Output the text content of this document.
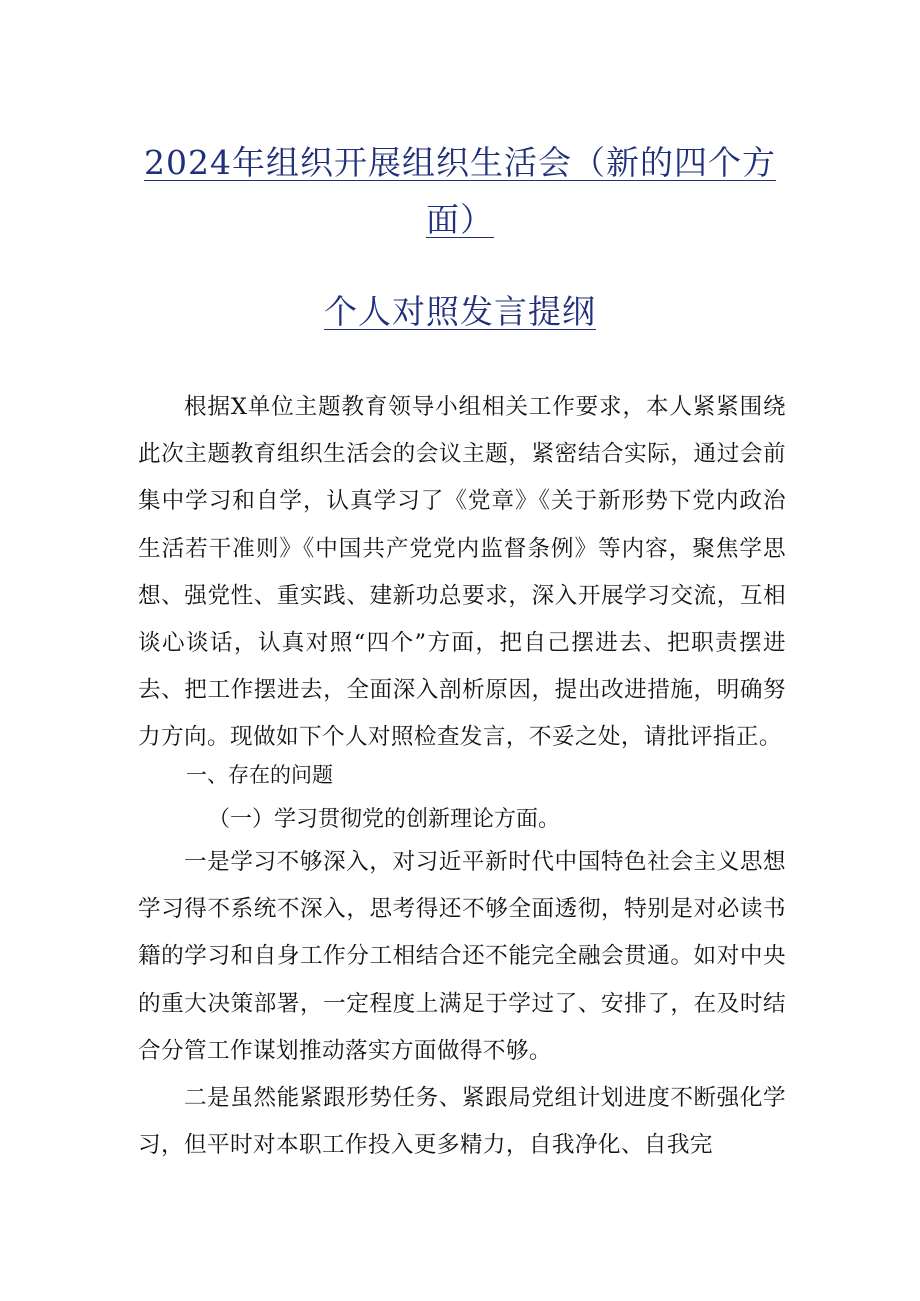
2024年组织开展组织生活会（新的四个方
面）
个人对照发言提纲

根据X单位主题教育领导小组相关工作要求，本人紧紧围绕此次主题教育组织生活会的会议主题，紧密结合实际，通过会前集中学习和自学，认真学习了《党章》《关于新形势下党内政治生活若干准则》《中国共产党党内监督条例》等内容，聚焦学思想、强党性、重实践、建新功总要求，深入开展学习交流，互相谈心谈话，认真对照“四个”方面，把自己摆进去、把职责摆进去、把工作摆进去，全面深入剖析原因，提出改进措施，明确努力方向。现做如下个人对照检查发言，不妥之处，请批评指正。

一、存在的问题
（一）学习贯彻党的创新理论方面。

一是学习不够深入，对习近平新时代中国特色社会主义思想学习得不系统不深入，思考得还不够全面透彻，特别是对必读书籍的学习和自身工作分工相结合还不能完全融会贯通。如对中央的重大决策部署，一定程度上满足于学过了、安排了，在及时结合分管工作谋划推动落实方面做得不够。

二是虽然能紧跟形势任务、紧跟局党组计划进度不断强化学习，但平时对本职工作投入更多精力，自我净化、自我完
